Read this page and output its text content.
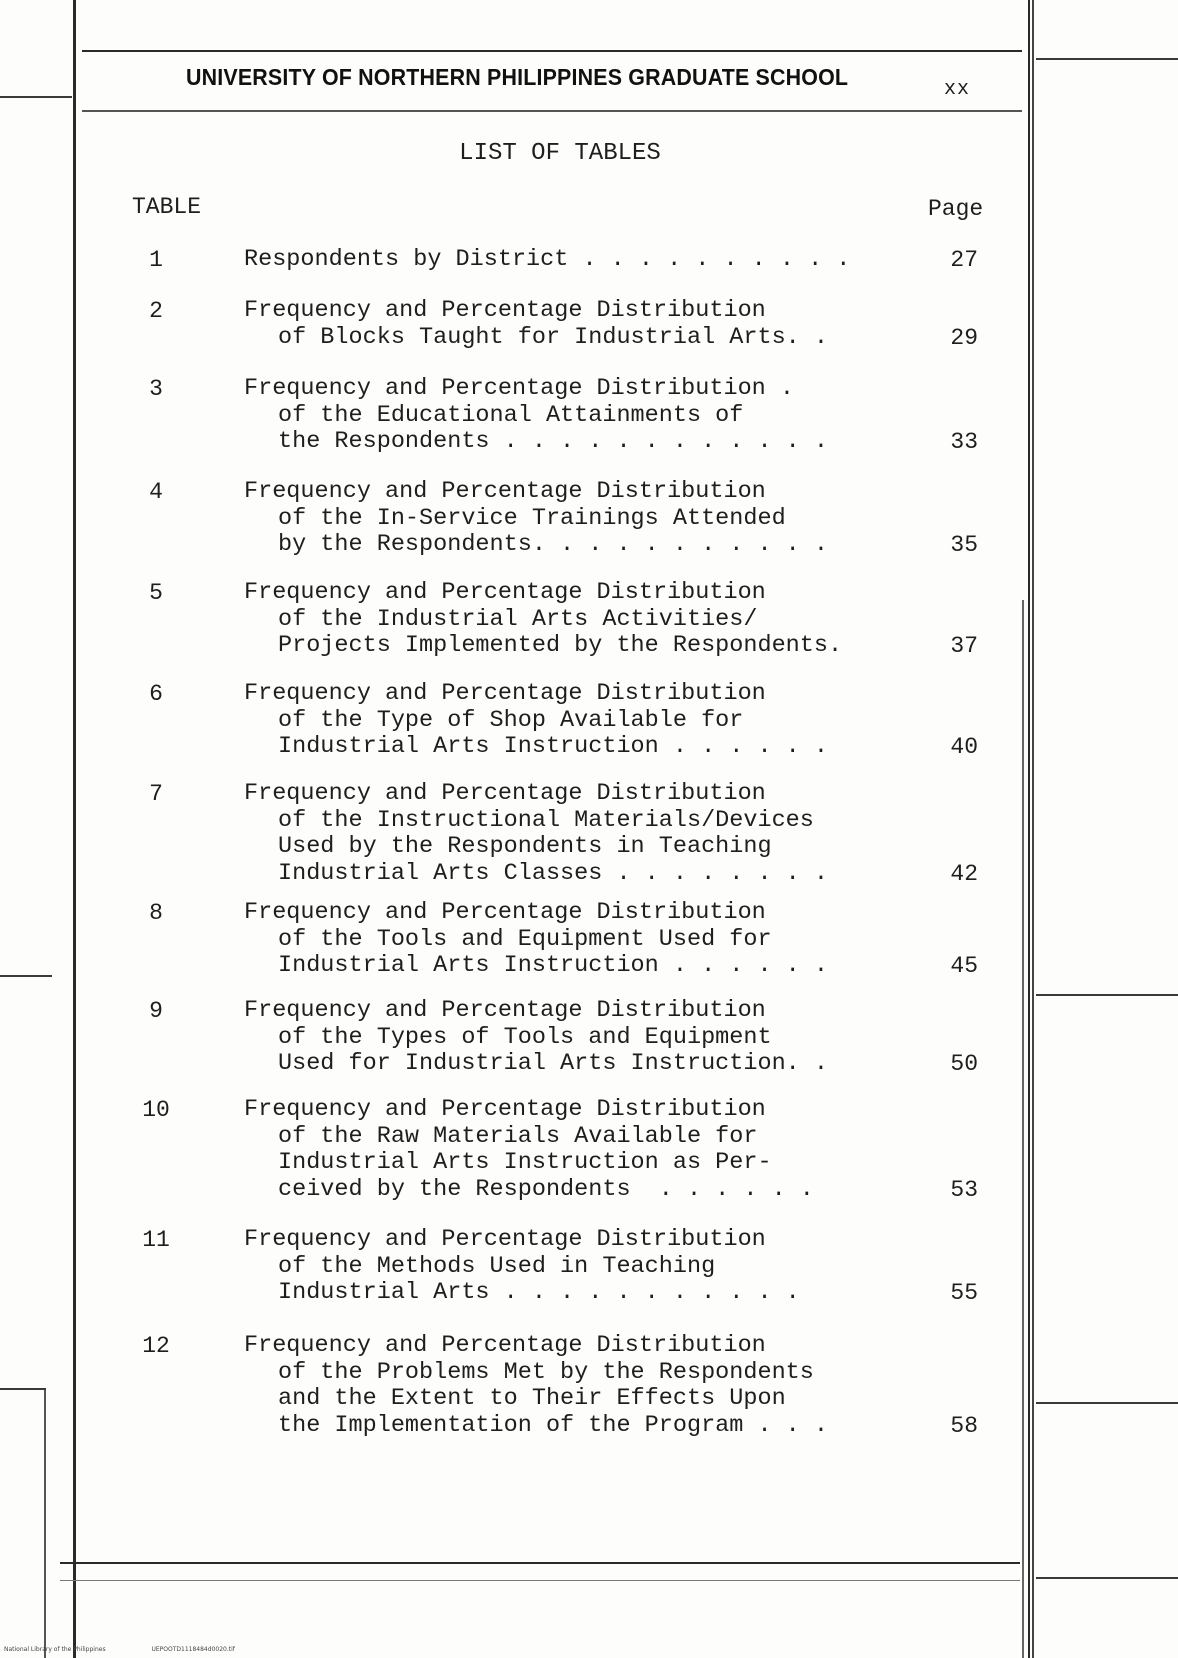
UNIVERSITY OF NORTHERN PHILIPPINES GRADUATE SCHOOL	xx
LIST OF TABLES
TABLE	Page
1	Respondents by District . . . . . . . . . .	27
2	Frequency and Percentage Distribution
of Blocks Taught for Industrial Arts. .	29
3	Frequency and Percentage Distribution .
of the Educational Attainments of
the Respondents . . . . . . . . . . . .	33
4	Frequency and Percentage Distribution
of the In-Service Trainings Attended
by the Respondents. . . . . . . . . . .	35
5	Frequency and Percentage Distribution
of the Industrial Arts Activities/
Projects Implemented by the Respondents.	37
6	Frequency and Percentage Distribution
of the Type of Shop Available for
Industrial Arts Instruction . . . . . .	40
7	Frequency and Percentage Distribution
of the Instructional Materials/Devices
Used by the Respondents in Teaching
Industrial Arts Classes . . . . . . . .	42
8	Frequency and Percentage Distribution
of the Tools and Equipment Used for
Industrial Arts Instruction . . . . . .	45
9	Frequency and Percentage Distribution
of the Types of Tools and Equipment
Used for Industrial Arts Instruction. .	50
10	Frequency and Percentage Distribution
of the Raw Materials Available for
Industrial Arts Instruction as Per-
ceived by the Respondents  . . . . . .	53
11	Frequency and Percentage Distribution
of the Methods Used in Teaching
Industrial Arts . . . . . . . . . . .	55
12	Frequency and Percentage Distribution
of the Problems Met by the Respondents
and the Extent to Their Effects Upon
the Implementation of the Program . . .	58
National Library of the Philippines	UEPOOTD1118484d0020.tif
